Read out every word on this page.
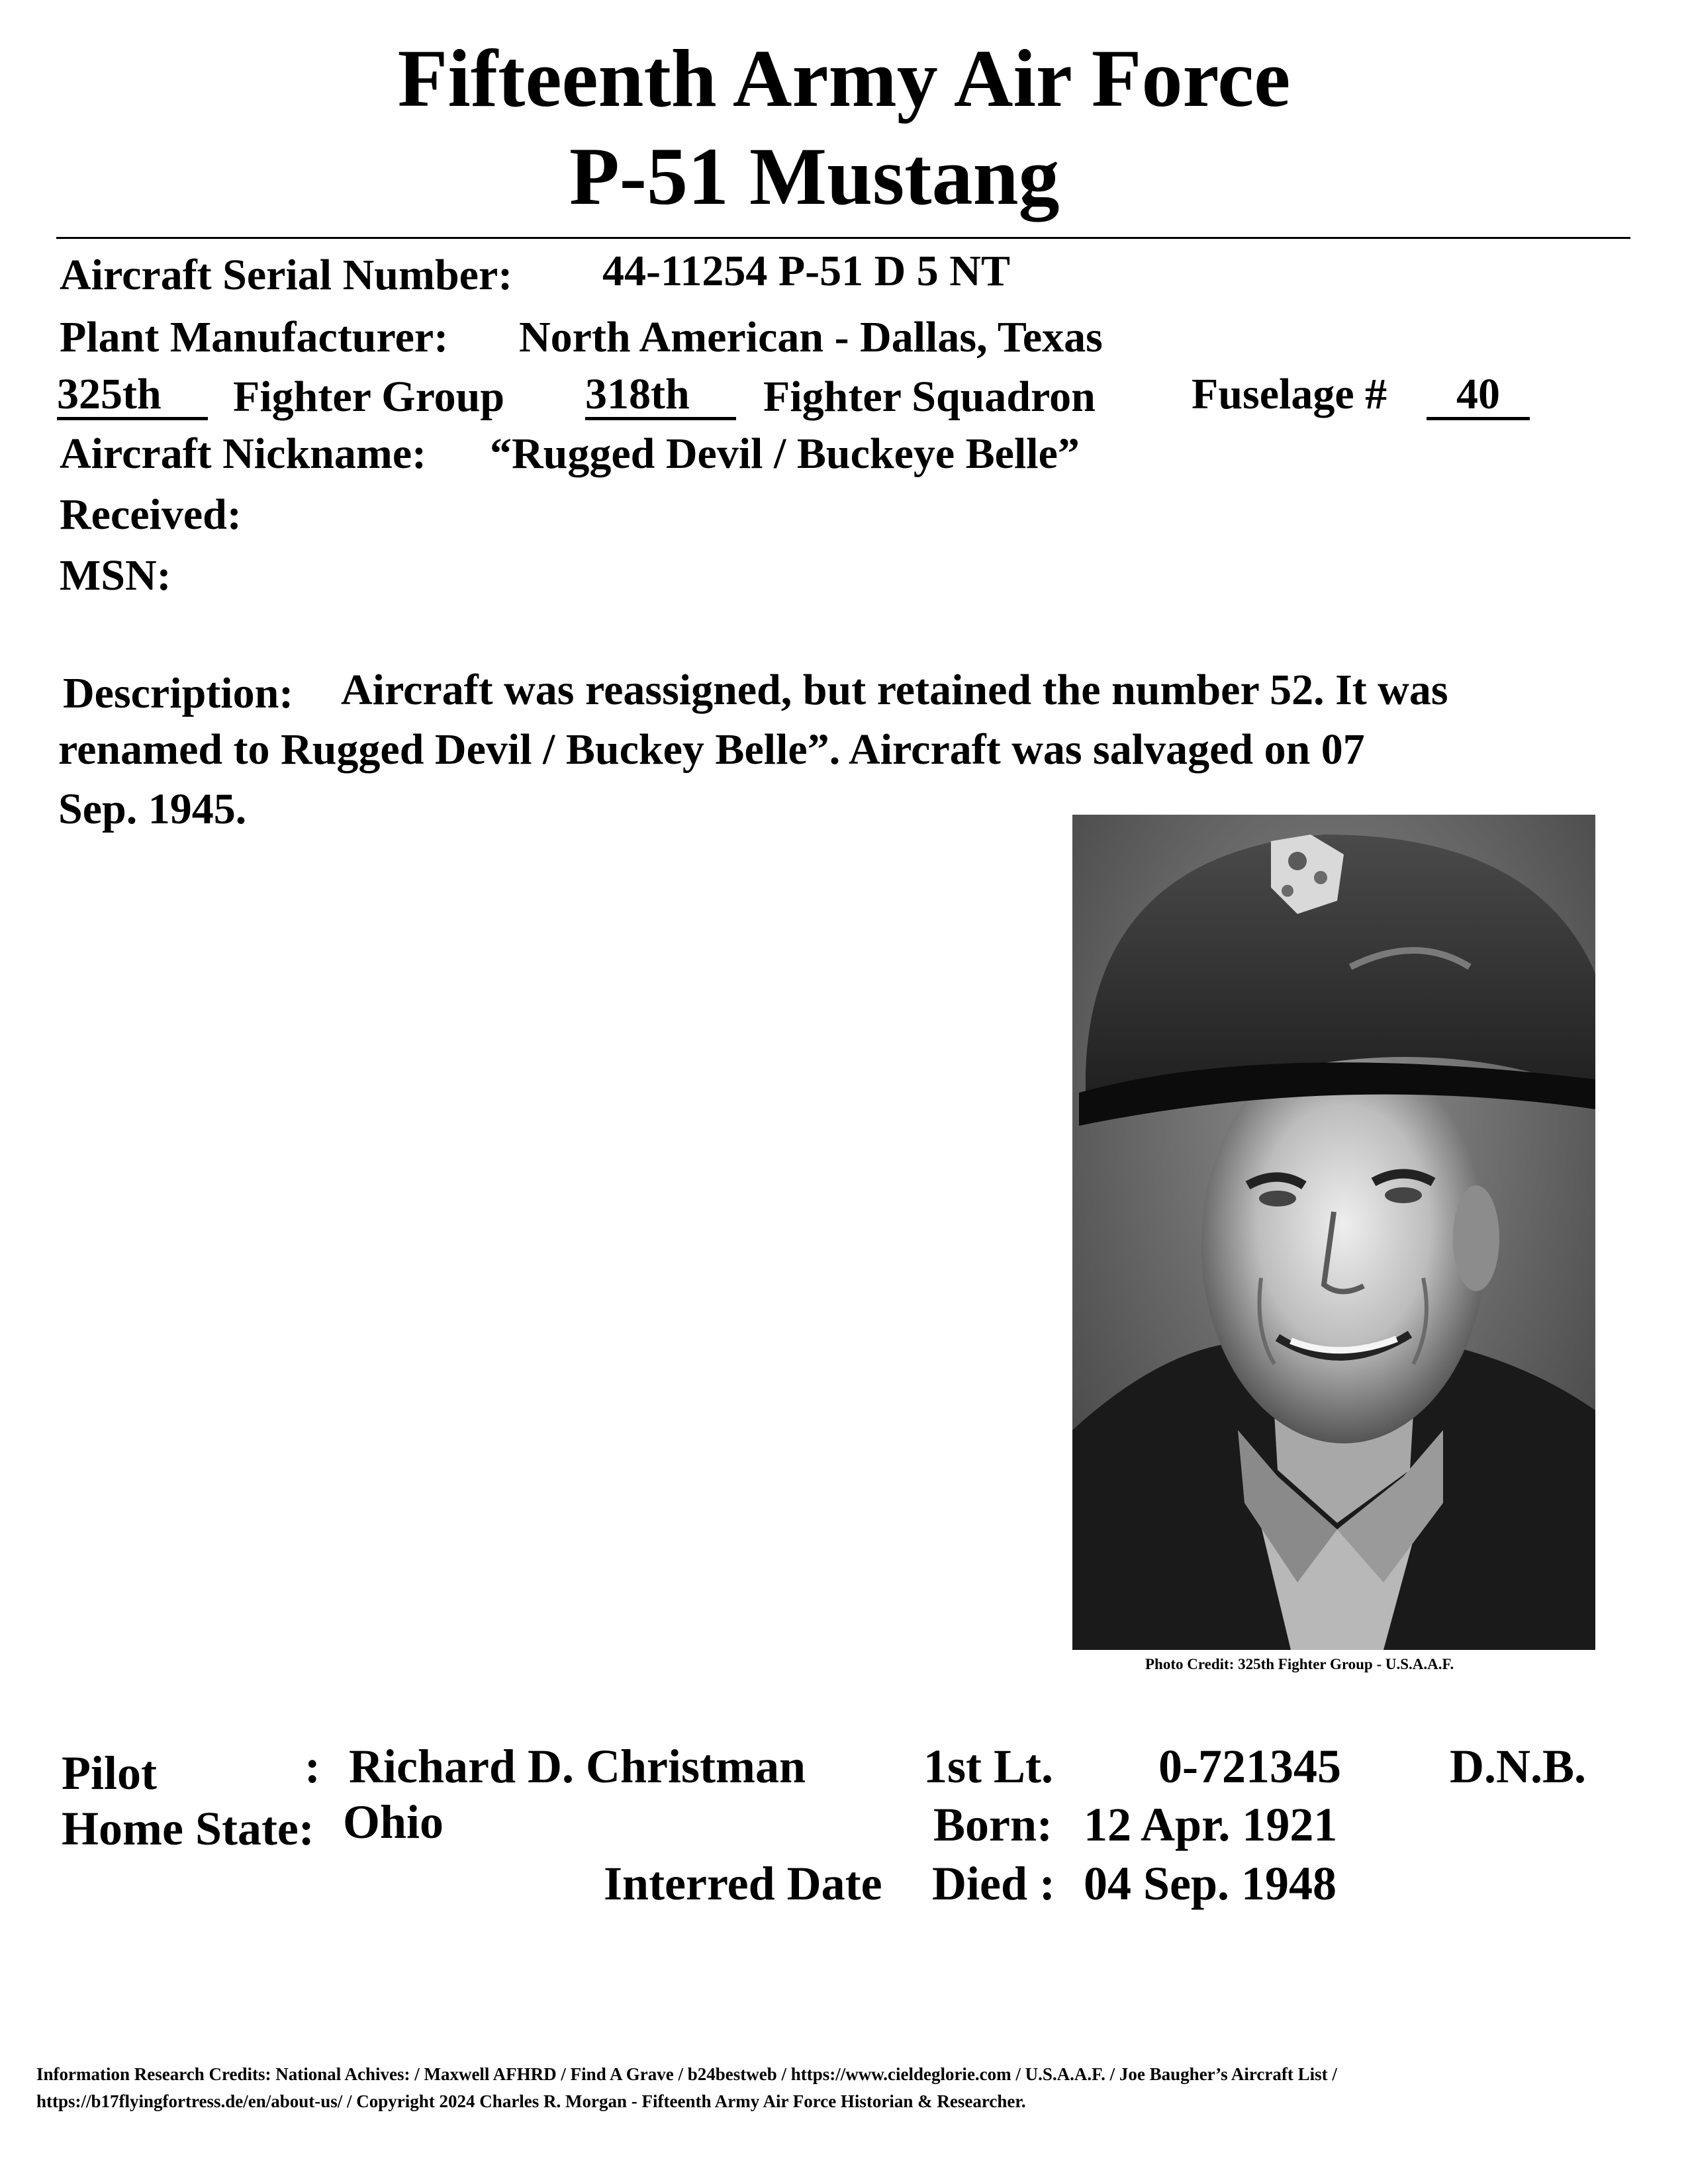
Fifteenth Army Air Force
P-51 Mustang
Aircraft Serial Number: 44-11254 P-51 D 5 NT
Plant Manufacturer: North American - Dallas, Texas
325th	Fighter Group 318th	Fighter Squadron Fuselage #	40
Aircraft Nickname: “Rugged Devil / Buckeye Belle”
Received:
MSN:
Description: Aircraft was reassigned, but retained the number 52. It was
renamed to Rugged Devil / Buckey Belle”. Aircraft was salvaged on 07
Sep. 1945.
Photo Credit: 325th Fighter Group - U.S.A.A.F.
Pilot	: Richard D. Christman 1st Lt. 0-721345 D.N.B.
Home State: Ohio	Born: 12 Apr. 1921
Interred Date Died : 04 Sep. 1948
Information Research Credits: National Achives: / Maxwell AFHRD / Find A Grave / b24bestweb / https://www.cieldeglorie.com / U.S.A.A.F. / Joe Baugher’s Aircraft List /
https://b17flyingfortress.de/en/about-us/ / Copyright 2024 Charles R. Morgan - Fifteenth Army Air Force Historian & Researcher.
